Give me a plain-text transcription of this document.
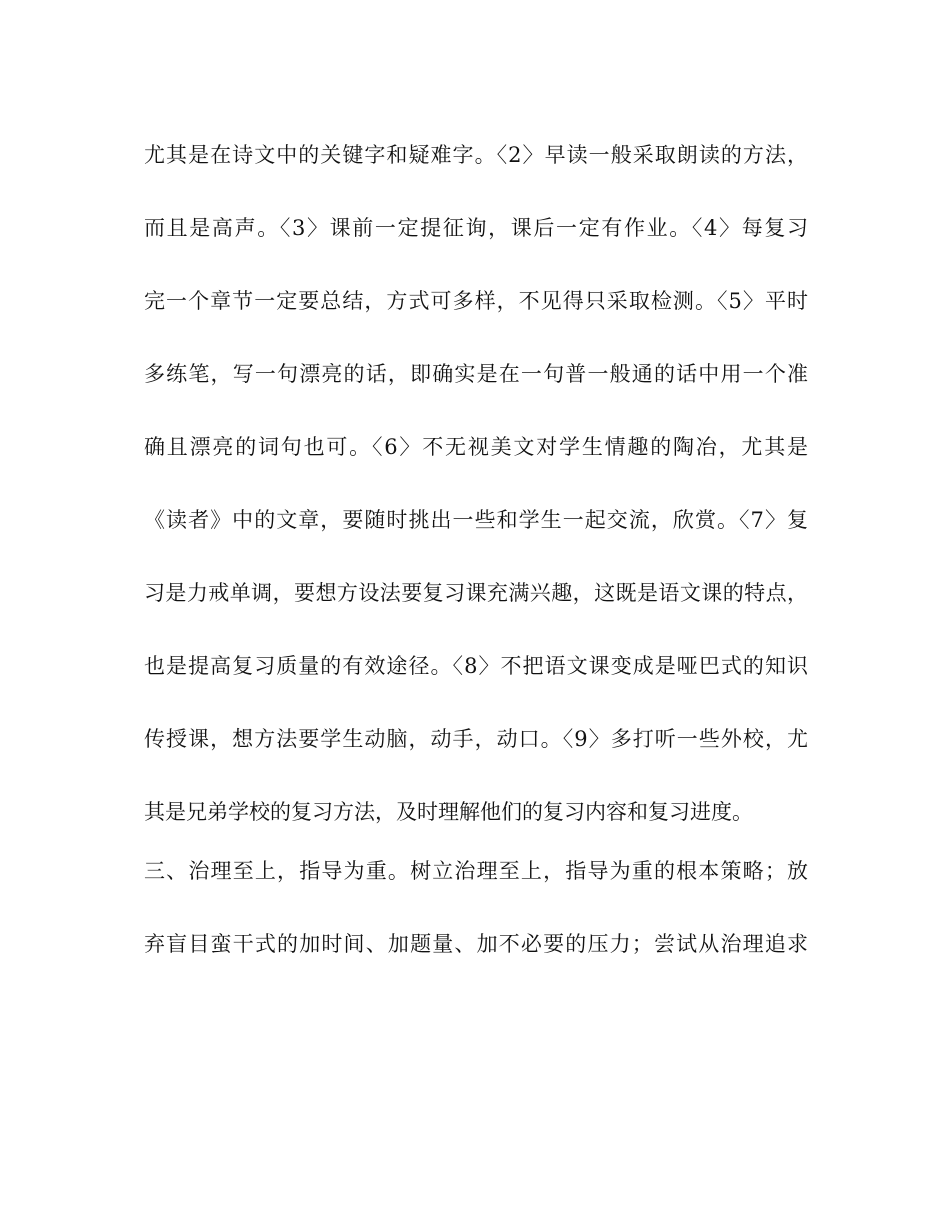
尤其是在诗文中的关键字和疑难字。〈2〉早读一般采取朗读的方法，
而且是高声。〈3〉课前一定提征询，课后一定有作业。〈4〉每复习
完一个章节一定要总结，方式可多样，不见得只采取检测。〈5〉平时
多练笔，写一句漂亮的话，即确实是在一句普一般通的话中用一个准
确且漂亮的词句也可。〈6〉不无视美文对学生情趣的陶冶，尤其是
《读者》中的文章，要随时挑出一些和学生一起交流，欣赏。〈7〉复
习是力戒单调，要想方设法要复习课充满兴趣，这既是语文课的特点，
也是提高复习质量的有效途径。〈8〉不把语文课变成是哑巴式的知识
传授课，想方法要学生动脑，动手，动口。〈9〉多打听一些外校，尤
其是兄弟学校的复习方法，及时理解他们的复习内容和复习进度。
三、治理至上，指导为重。树立治理至上，指导为重的根本策略；放
弃盲目蛮干式的加时间、加题量、加不必要的压力；尝试从治理追求
